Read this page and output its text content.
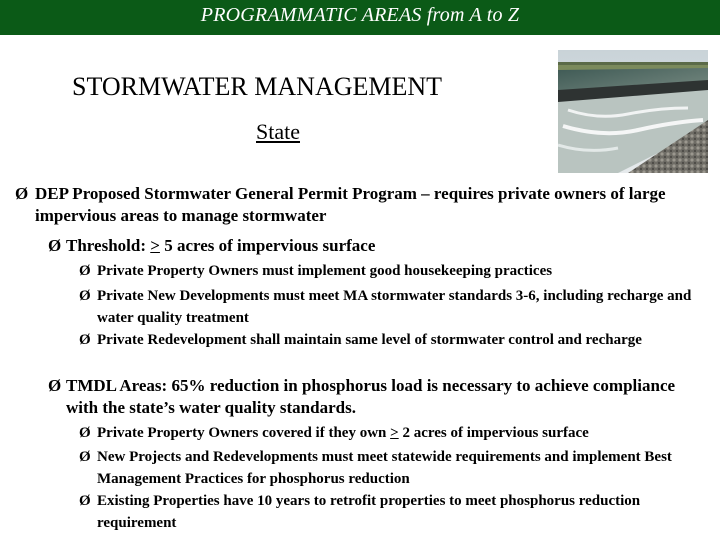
PROGRAMMATIC AREAS from A to Z
STORMWATER MANAGEMENT
State
Ø DEP Proposed Stormwater General Permit Program – requires private owners of large impervious areas to manage stormwater
Ø Threshold: > 5 acres of impervious surface
Ø Private Property Owners must implement good housekeeping practices
Ø Private New Developments must meet MA stormwater standards 3-6, including recharge and water quality treatment
Ø Private Redevelopment shall maintain same level of stormwater control and recharge
Ø TMDL Areas: 65% reduction in phosphorus load is necessary to achieve compliance with the state’s water quality standards.
Ø Private Property Owners covered if they own ≥ 2 acres of impervious surface
Ø New Projects and Redevelopments must meet statewide requirements and implement Best Management Practices for phosphorus reduction
Ø Existing Properties have 10 years to retrofit properties to meet phosphorus reduction requirement
